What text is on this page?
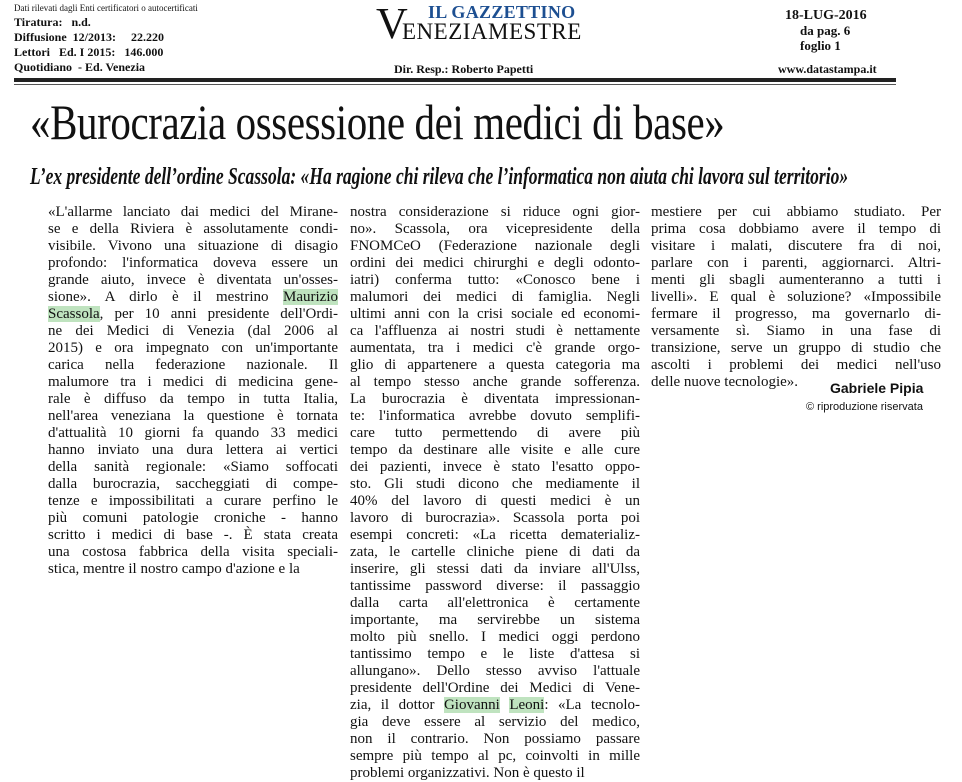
Dati rilevati dagli Enti certificatori o autocertificati
Tiratura:   n.d.
Diffusione  12/2013:     22.220
Lettori   Ed. I 2015:   146.000
Quotidiano  - Ed. Venezia
V IL GAZZETTINO
ENEZIAMESTRE
18-LUG-2016
da pag. 6
foglio 1
Dir. Resp.: Roberto Papetti	www.datastampa.it
«Burocrazia ossessione dei medici di base»
L’ex presidente dell’ordine Scassola: «Ha ragione chi rileva che l’informatica non aiuta chi lavora sul territorio»
«L'allarme lanciato dai medici del Mirane-
se e della Riviera è assolutamente condi-
visibile. Vivono una situazione di disagio
profondo: l'informatica doveva essere un
grande aiuto, invece è diventata un'osses-
sione». A dirlo è il mestrino Maurizio
Scassola, per 10 anni presidente dell'Ordi-
ne dei Medici di Venezia (dal 2006 al
2015) e ora impegnato con un'importante
carica nella federazione nazionale. Il
malumore tra i medici di medicina gene-
rale è diffuso da tempo in tutta Italia,
nell'area veneziana la questione è tornata
d'attualità 10 giorni fa quando 33 medici
hanno inviato una dura lettera ai vertici
della sanità regionale: «Siamo soffocati
dalla burocrazia, saccheggiati di compe-
tenze e impossibilitati a curare perfino le
più comuni patologie croniche - hanno
scritto i medici di base -. È stata creata
una costosa fabbrica della visita speciali-
stica, mentre il nostro campo d'azione e la
nostra considerazione si riduce ogni gior-
no». Scassola, ora vicepresidente della
FNOMCeO (Federazione nazionale degli
ordini dei medici chirurghi e degli odonto-
iatri) conferma tutto: «Conosco bene i
malumori dei medici di famiglia. Negli
ultimi anni con la crisi sociale ed economi-
ca l'affluenza ai nostri studi è nettamente
aumentata, tra i medici c'è grande orgo-
glio di appartenere a questa categoria ma
al tempo stesso anche grande sofferenza.
La burocrazia è diventata impressionan-
te: l'informatica avrebbe dovuto semplifi-
care tutto permettendo di avere più
tempo da destinare alle visite e alle cure
dei pazienti, invece è stato l'esatto oppo-
sto. Gli studi dicono che mediamente il
40% del lavoro di questi medici è un
lavoro di burocrazia». Scassola porta poi
esempi concreti: «La ricetta dematerializ-
zata, le cartelle cliniche piene di dati da
inserire, gli stessi dati da inviare all'Ulss,
tantissime password diverse: il passaggio
dalla carta all'elettronica è certamente
importante, ma servirebbe un sistema
molto più snello. I medici oggi perdono
tantissimo tempo e le liste d'attesa si
allungano». Dello stesso avviso l'attuale
presidente dell'Ordine dei Medici di Vene-
zia, il dottor Giovanni Leoni: «La tecnolo-
gia deve essere al servizio del medico,
non il contrario. Non possiamo passare
sempre più tempo al pc, coinvolti in mille
problemi organizzativi. Non è questo il
mestiere per cui abbiamo studiato. Per
prima cosa dobbiamo avere il tempo di
visitare i malati, discutere fra di noi,
parlare con i parenti, aggiornarci. Altri-
menti gli sbagli aumenteranno a tutti i
livelli». E qual è soluzione? «Impossibile
fermare il progresso, ma governarlo di-
versamente sì. Siamo in una fase di
transizione, serve un gruppo di studio che
ascolti i problemi dei medici nell'uso
delle nuove tecnologie».	Gabriele Pipia
© riproduzione riservata
